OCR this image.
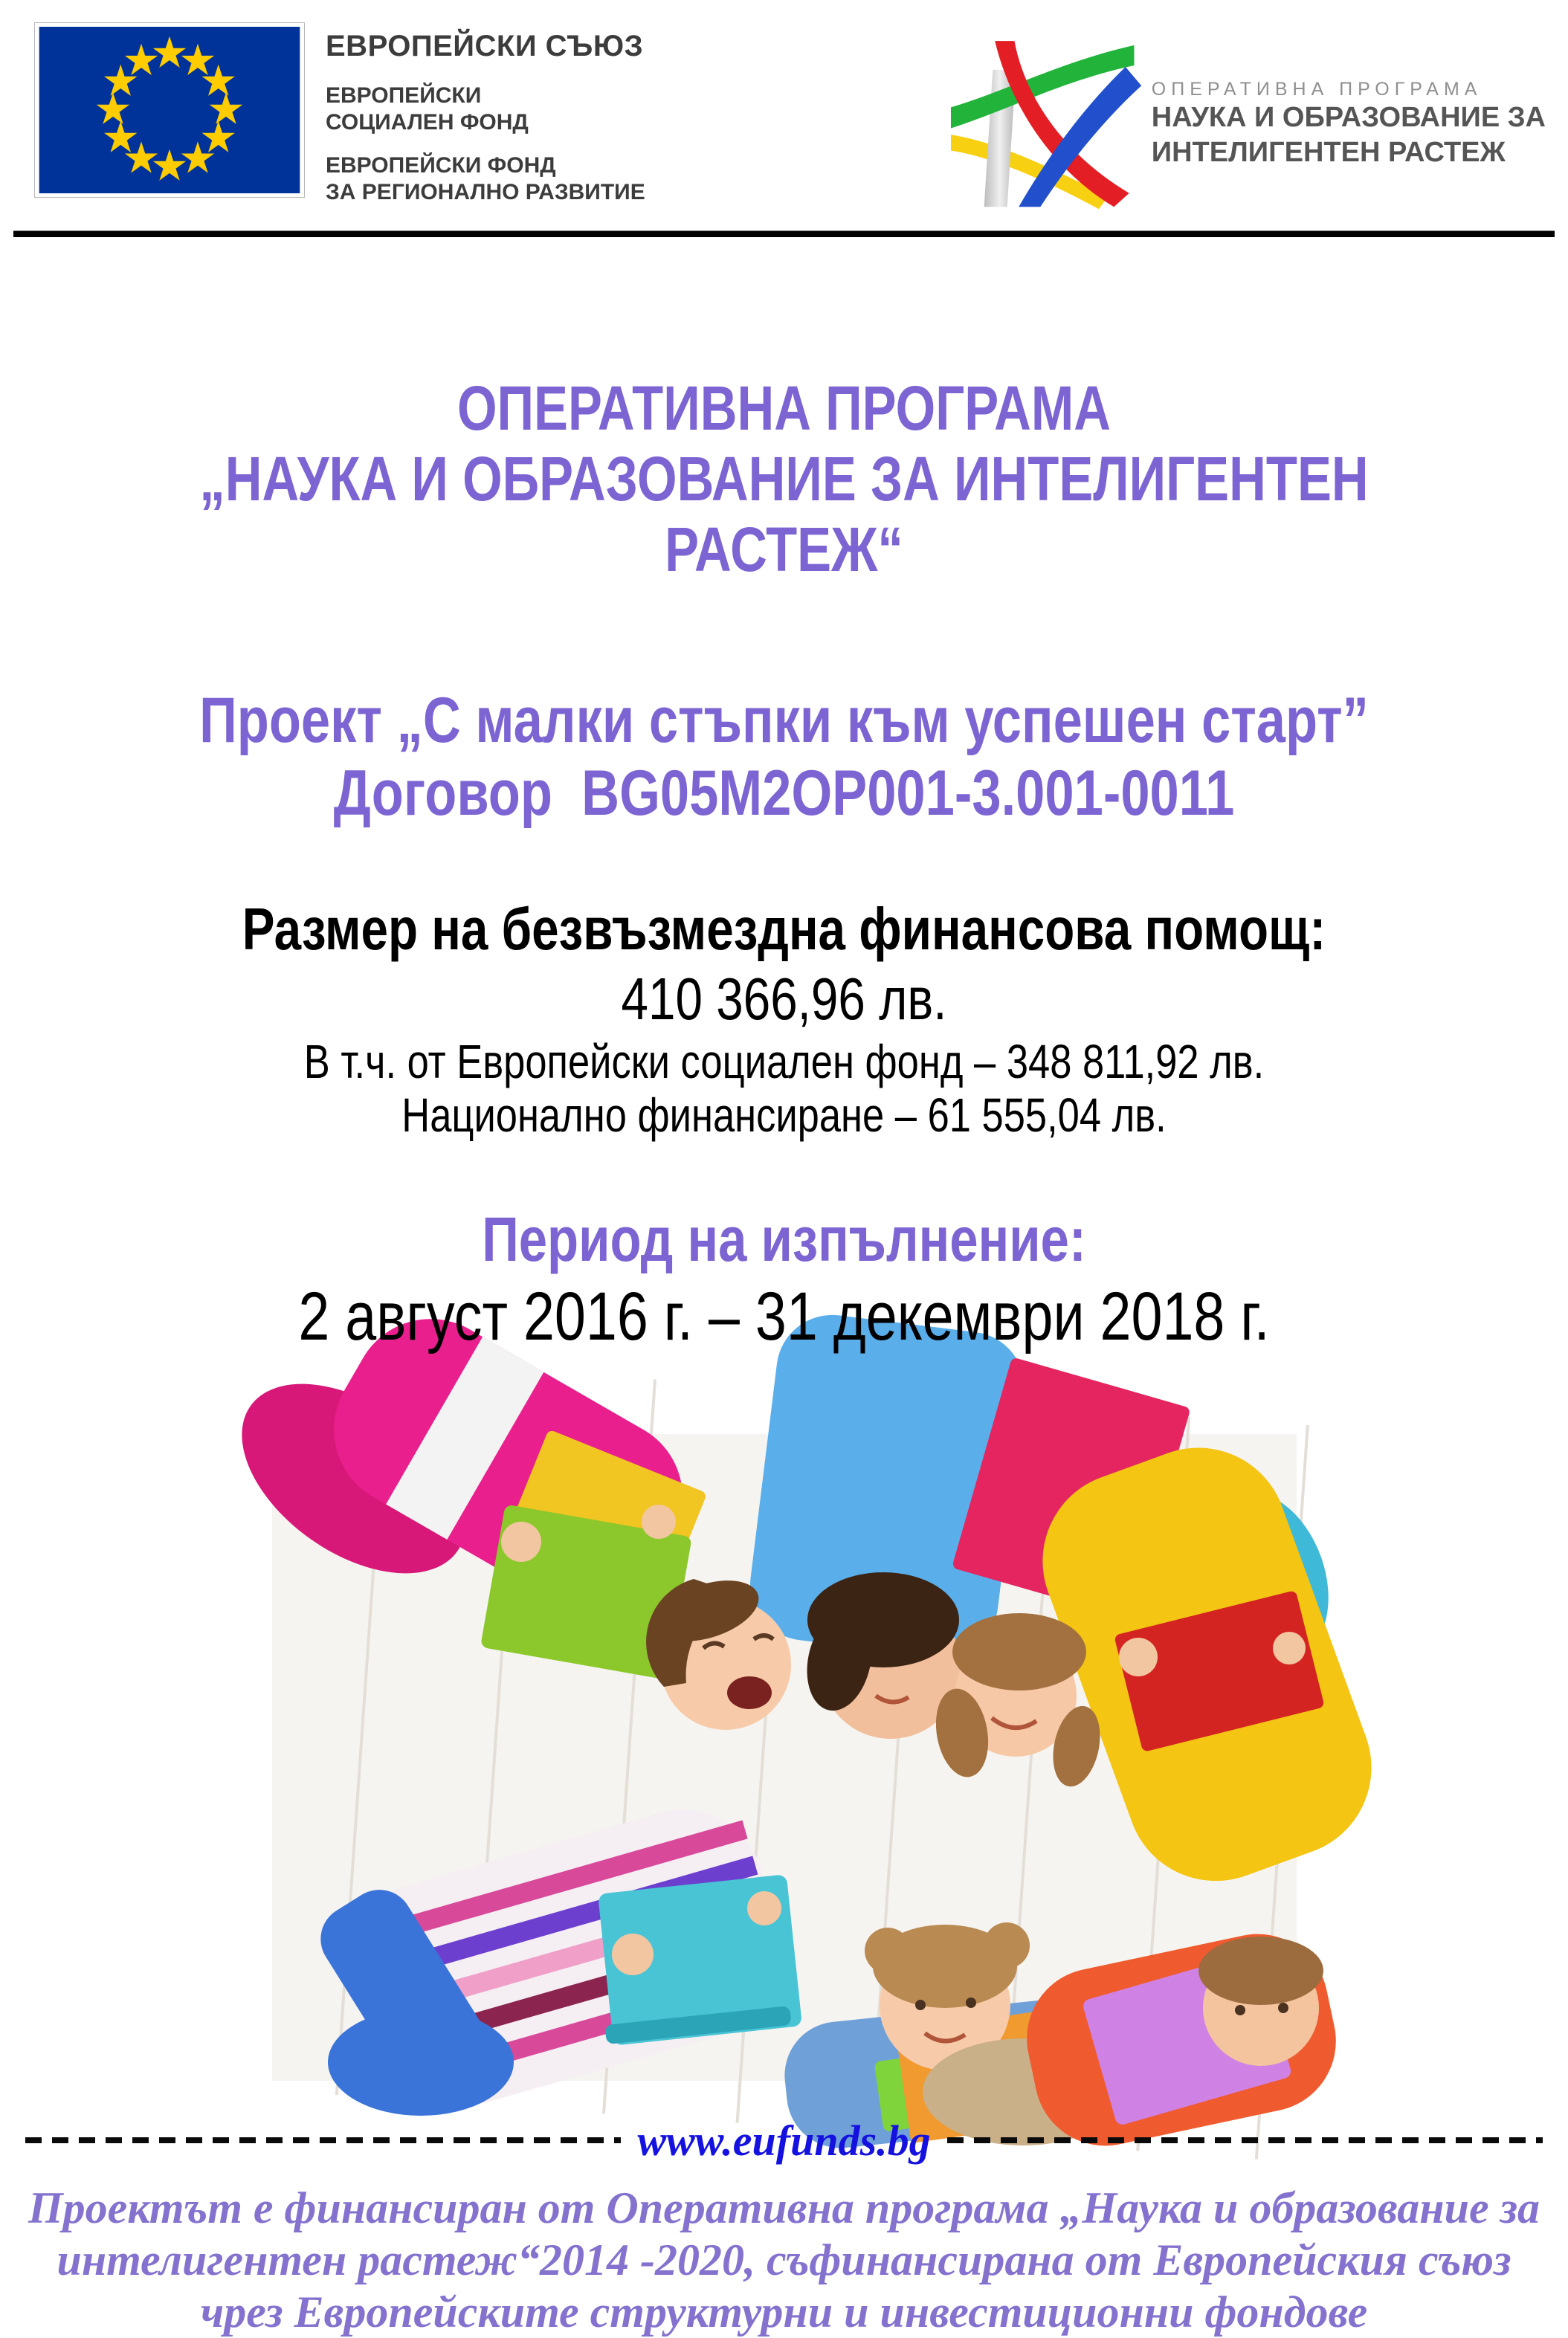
ЕВРОПЕЙСКИ СЪЮЗ
ЕВРОПЕЙСКИ
СОЦИАЛЕН ФОНД
ЕВРОПЕЙСКИ ФОНД
ЗА РЕГИОНАЛНО РАЗВИТИЕ
ОПЕРАТИВНА ПРОГРАМА
НАУКА И ОБРАЗОВАНИЕ ЗА
ИНТЕЛИГЕНТЕН РАСТЕЖ
ОПЕРАТИВНА ПРОГРАМА
„НАУКА И ОБРАЗОВАНИЕ ЗА ИНТЕЛИГЕНТЕН РАСТЕЖ“
Проект „С малки стъпки към успешен старт”
Договор  BG05M2OP001-3.001-0011
Размер на безвъзмездна финансова помощ:
410 366,96 лв.
В т.ч. от Европейски социален фонд – 348 811,92 лв.
Национално финансиране – 61 555,04 лв.
Период на изпълнение:
2 август 2016 г. – 31 декември 2018 г.
www.eufunds.bg
Проектът е финансиран от Оперативна програма „Наука и образование за
интелигентен растеж“2014 -2020, съфинансирана от Европейския съюз
чрез Европейските структурни и инвестиционни фондове
